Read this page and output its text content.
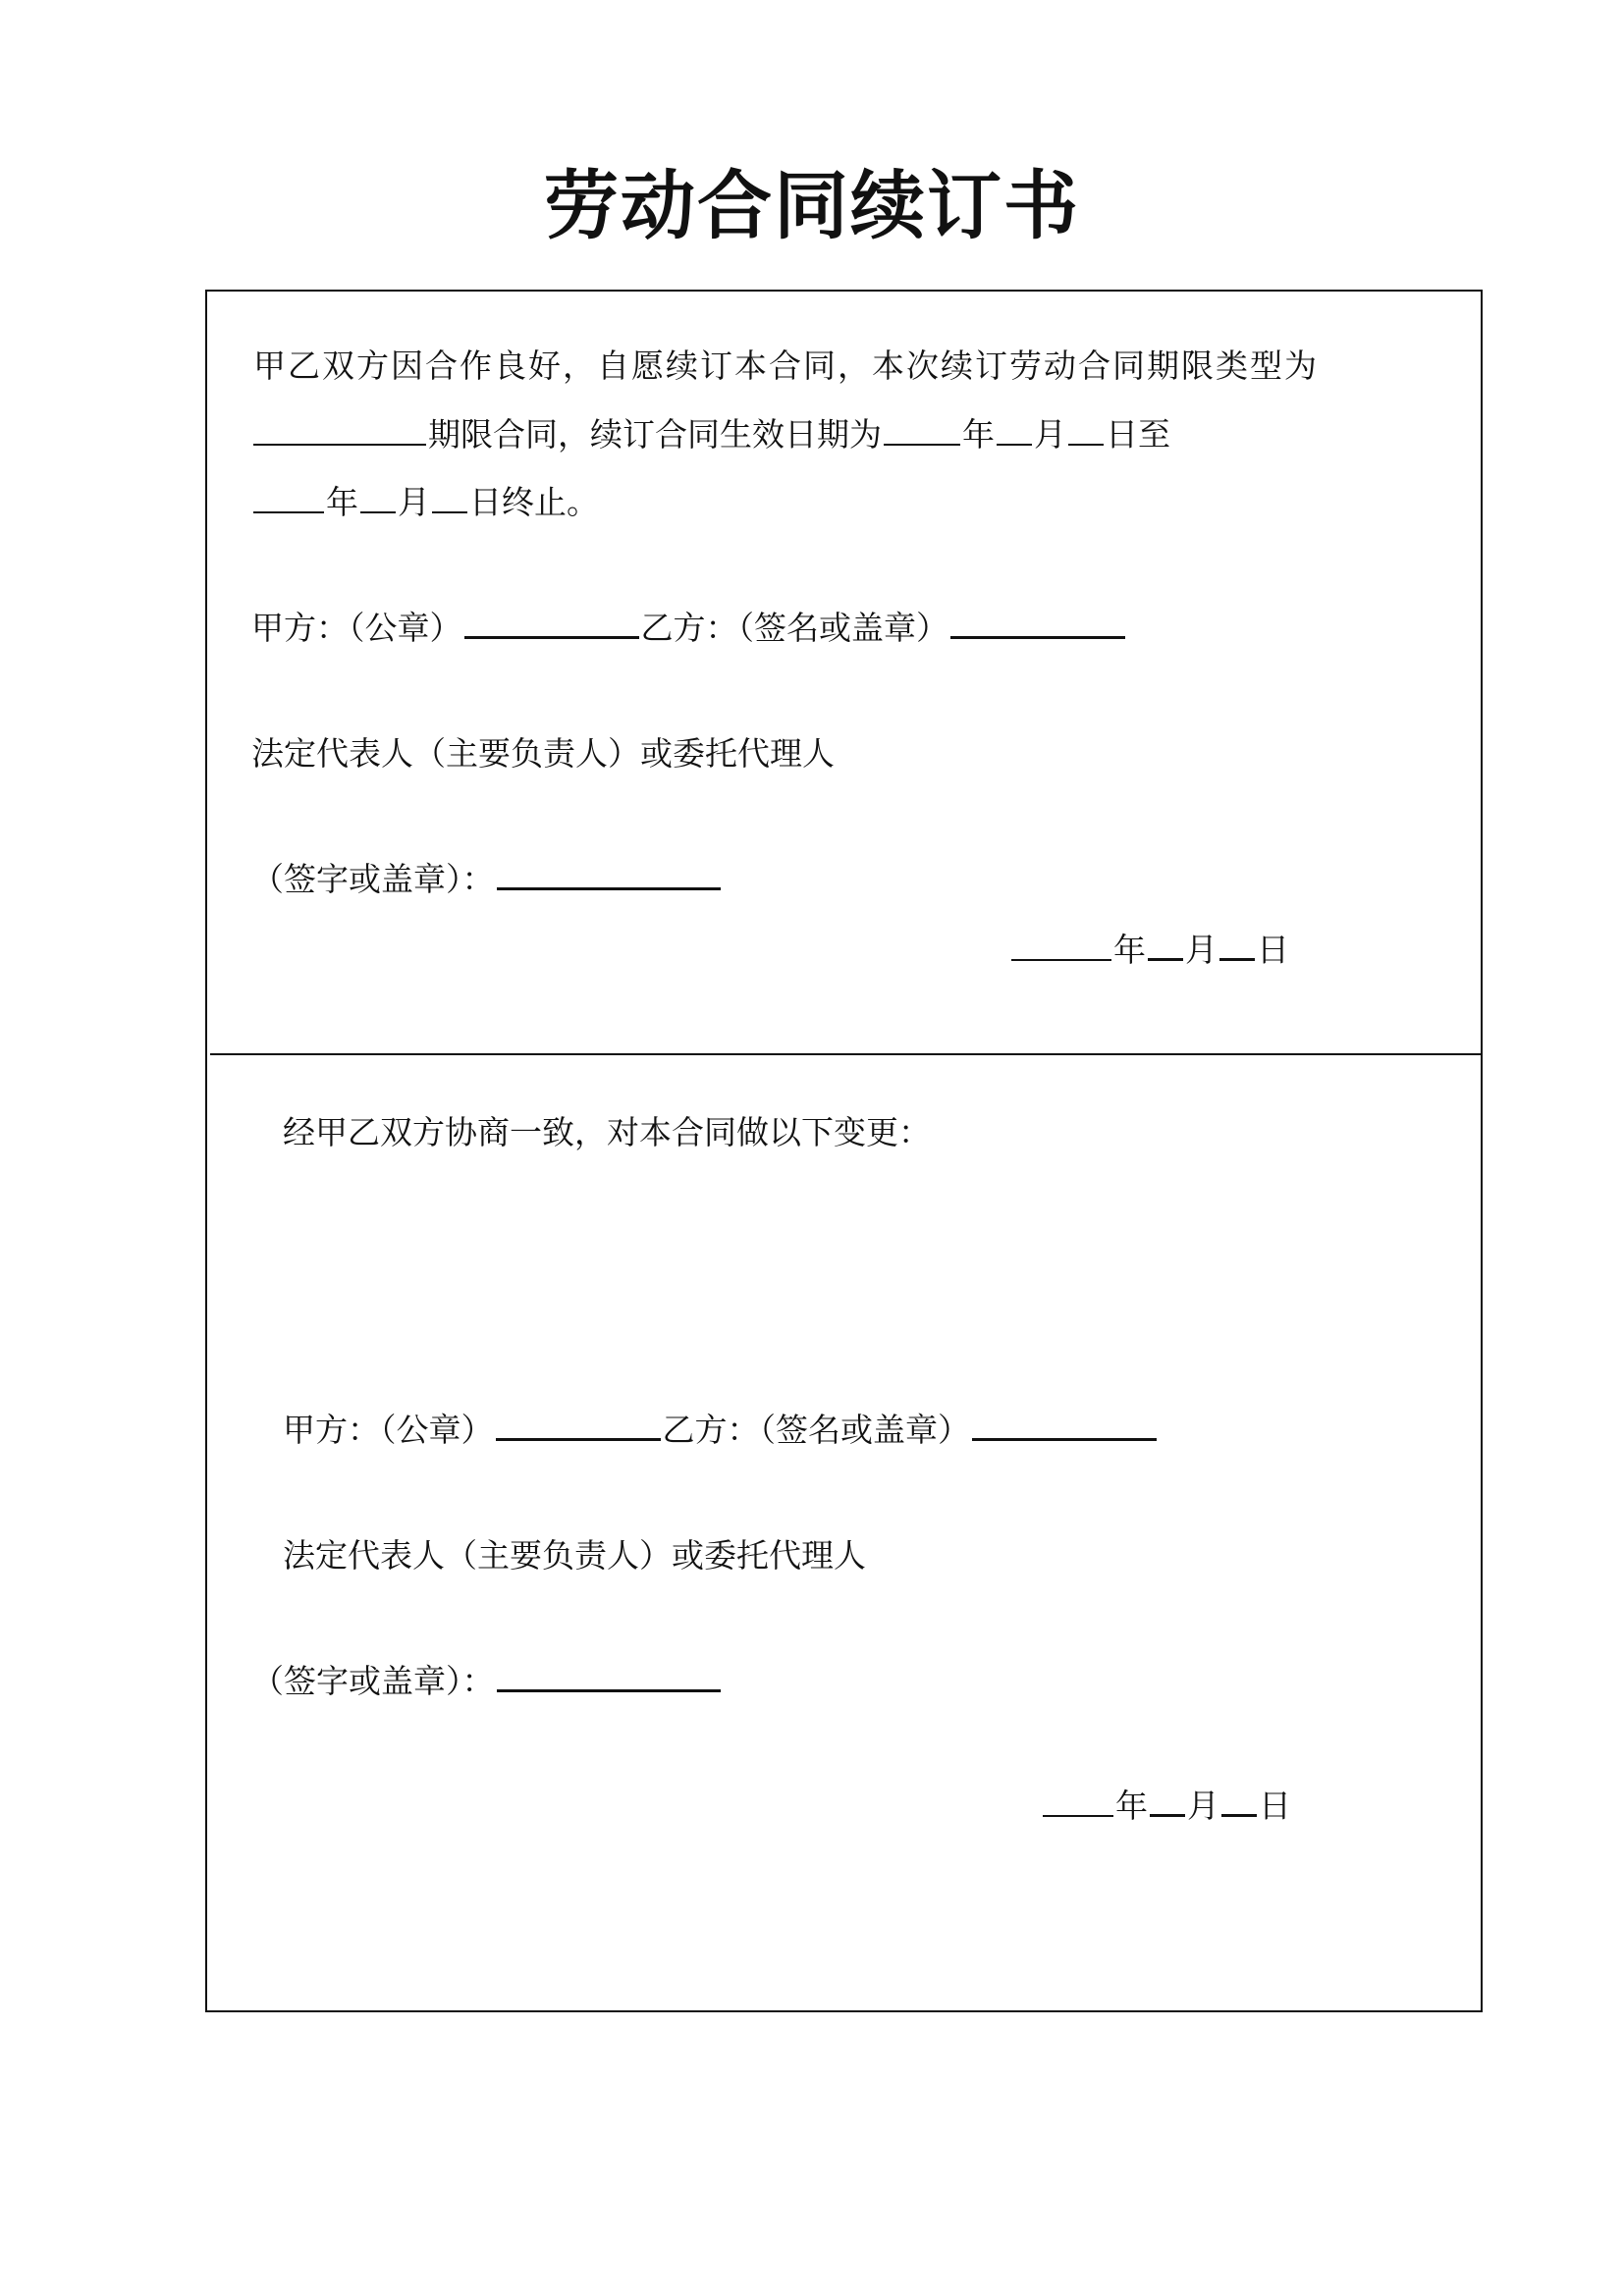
劳动合同续订书
甲乙双方因合作良好，自愿续订本合同，本次续订劳动合同期限类型为
期限合同，续订合同生效日期为 年 月 日至
年 月 日终止。
甲方：（公章）	乙方：（签名或盖章）
法定代表人（主要负责人）或委托代理人
（签字或盖章）：
年 月 日
经甲乙双方协商一致，对本合同做以下变更：
甲方：（公章）	乙方：（签名或盖章）
法定代表人（主要负责人）或委托代理人
（签字或盖章）：
年 月 日
